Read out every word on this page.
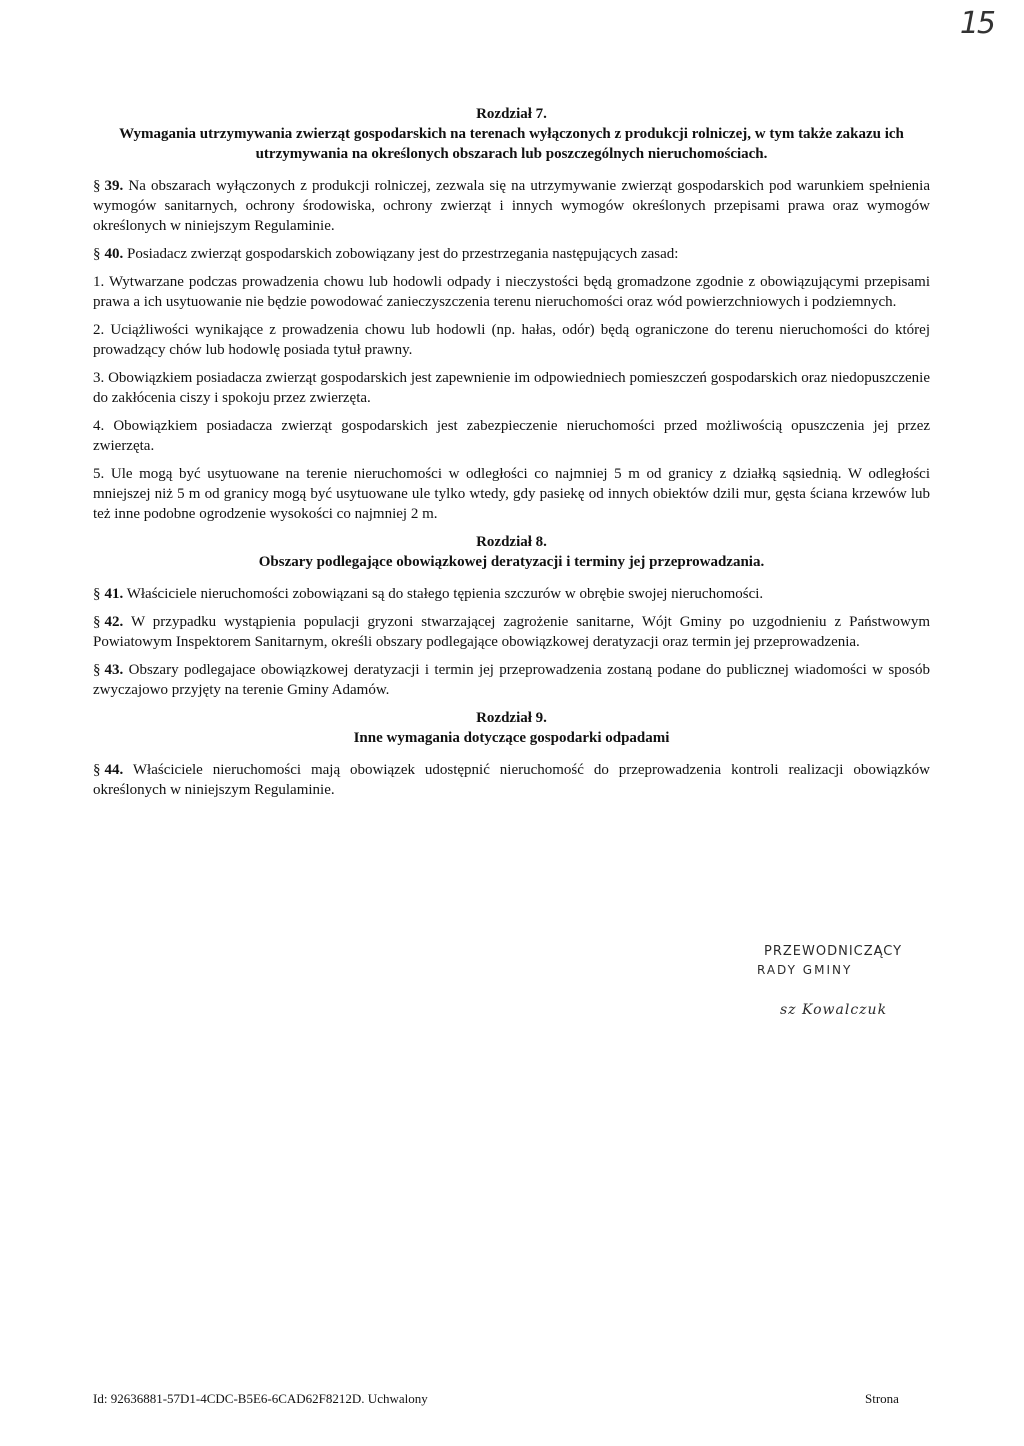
15

Rozdział 7.

Wymagania utrzymywania zwierząt gospodarskich na terenach wyłączonych z produkcji rolniczej, w tym także zakazu ich utrzymywania na określonych obszarach lub poszczególnych nieruchomościach.

§ 39. Na obszarach wyłączonych z produkcji rolniczej, zezwala się na utrzymywanie zwierząt gospodarskich pod warunkiem spełnienia wymogów sanitarnych, ochrony środowiska, ochrony zwierząt i innych wymogów określonych przepisami prawa oraz wymogów określonych w niniejszym Regulaminie.

§ 40. Posiadacz zwierząt gospodarskich zobowiązany jest do przestrzegania następujących zasad:

1. Wytwarzane podczas prowadzenia chowu lub hodowli odpady i nieczystości będą gromadzone zgodnie z obowiązującymi przepisami prawa a ich usytuowanie nie będzie powodować zanieczyszczenia terenu nieruchomości oraz wód powierzchniowych i podziemnych.

2. Uciążliwości wynikające z prowadzenia chowu lub hodowli (np. hałas, odór) będą ograniczone do terenu nieruchomości do której prowadzący chów lub hodowlę posiada tytuł prawny.

3. Obowiązkiem posiadacza zwierząt gospodarskich jest zapewnienie im odpowiedniech pomieszczeń gospodarskich oraz niedopuszczenie do zakłócenia ciszy i spokoju przez zwierzęta.

4. Obowiązkiem posiadacza zwierząt gospodarskich jest zabezpieczenie nieruchomości przed możliwością opuszczenia jej przez zwierzęta.

5. Ule mogą być usytuowane na terenie nieruchomości w odległości co najmniej 5 m od granicy z działką sąsiednią. W odległości mniejszej niż 5 m od granicy mogą być usytuowane ule tylko wtedy, gdy pasiekę od innych obiektów dzili mur, gęsta ściana krzewów lub też inne podobne ogrodzenie wysokości co najmniej 2 m.

Rozdział 8.

Obszary podlegające obowiązkowej deratyzacji i terminy jej przeprowadzania.

§ 41. Właściciele nieruchomości zobowiązani są do stałego tępienia szczurów w obrębie swojej nieruchomości.

§ 42. W przypadku wystąpienia populacji gryzoni stwarzającej zagrożenie sanitarne, Wójt Gminy po uzgodnieniu z Państwowym Powiatowym Inspektorem Sanitarnym, określi obszary podlegające obowiązkowej deratyzacji oraz termin jej przeprowadzenia.

§ 43. Obszary podlegajace obowiązkowej deratyzacji i termin jej przeprowadzenia zostaną podane do publicznej wiadomości w sposób zwyczajowo przyjęty na terenie Gminy Adamów.

Rozdział 9.

Inne wymagania dotyczące gospodarki odpadami

§ 44. Właściciele nieruchomości mają obowiązek udostępnić nieruchomość do przeprowadzenia kontroli realizacji obowiązków określonych w niniejszym Regulaminie.

PRZEWODNICZĄCY
RADY GMINY
sz Kowalczuk
Id: 92636881-57D1-4CDC-B5E6-6CAD62F8212D. Uchwalony	Strona
